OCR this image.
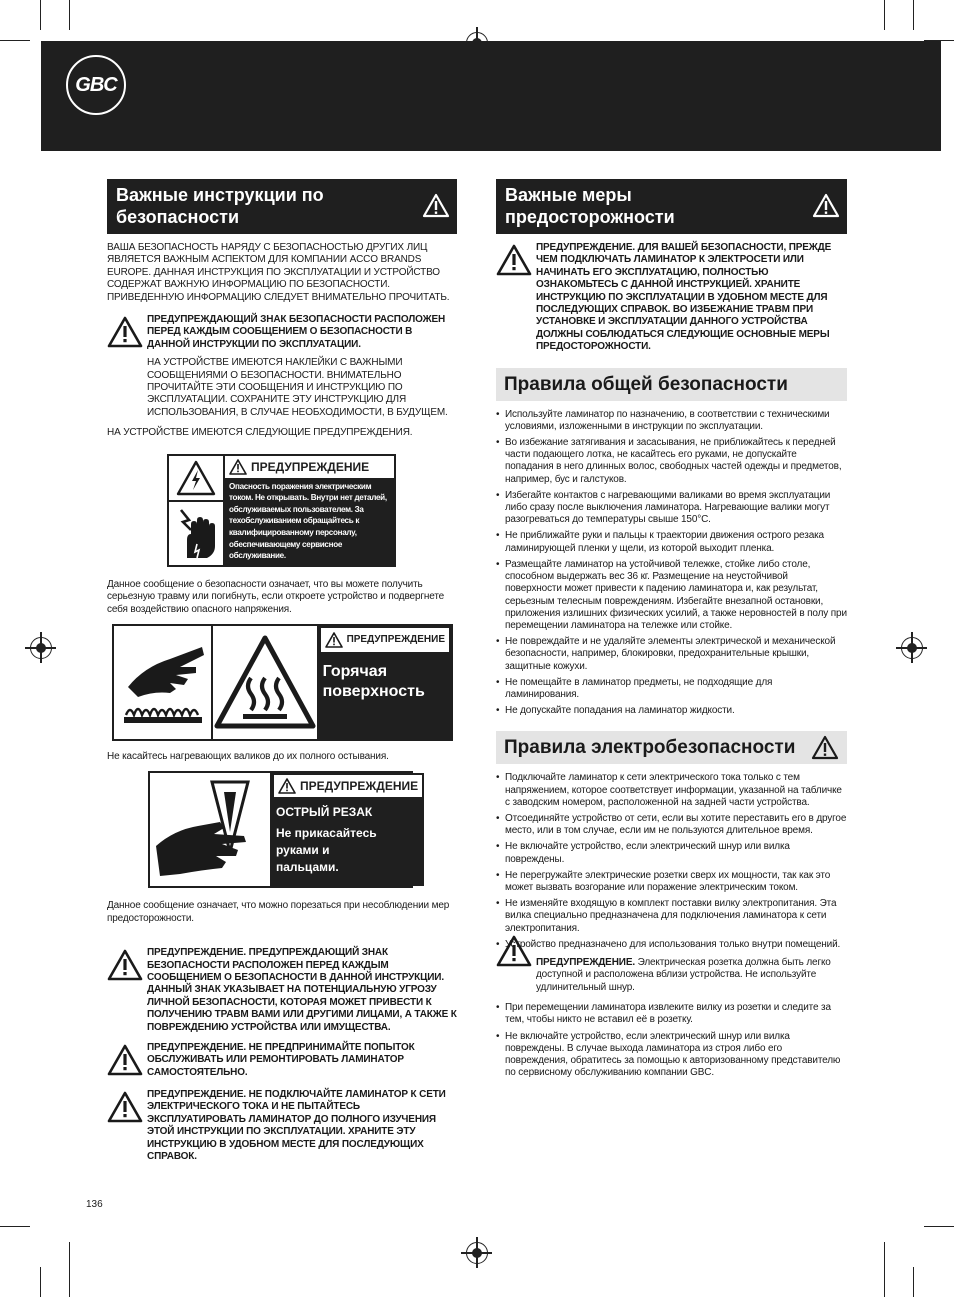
GBC
Важные инструкции по безопасности

ВАША БЕЗОПАСНОСТЬ НАРЯДУ С БЕЗОПАСНОСТЬЮ ДРУГИХ ЛИЦ ЯВЛЯЕТСЯ ВАЖНЫМ АСПЕКТОМ ДЛЯ КОМПАНИИ ACCO BRANDS EUROPE. ДАННАЯ ИНСТРУКЦИЯ ПО ЭКСПЛУАТАЦИИ И УСТРОЙСТВО СОДЕРЖАТ ВАЖНУЮ ИНФОРМАЦИЮ ПО БЕЗОПАСНОСТИ. ПРИВЕДЕННУЮ ИНФОРМАЦИЮ СЛЕДУЕТ ВНИМАТЕЛЬНО ПРОЧИТАТЬ.

ПРЕДУПРЕЖДАЮЩИЙ ЗНАК БЕЗОПАСНОСТИ РАСПОЛОЖЕН ПЕРЕД КАЖДЫМ СООБЩЕНИЕМ О БЕЗОПАСНОСТИ В ДАННОЙ ИНСТРУКЦИИ ПО ЭКСПЛУАТАЦИИ.

НА УСТРОЙСТВЕ ИМЕЮТСЯ НАКЛЕЙКИ С ВАЖНЫМИ СООБЩЕНИЯМИ О БЕЗОПАСНОСТИ. ВНИМАТЕЛЬНО ПРОЧИТАЙТЕ ЭТИ СООБЩЕНИЯ И ИНСТРУКЦИЮ ПО ЭКСПЛУАТАЦИИ. СОХРАНИТЕ ЭТУ ИНСТРУКЦИЮ ДЛЯ ИСПОЛЬЗОВАНИЯ, В СЛУЧАЕ НЕОБХОДИМОСТИ, В БУДУЩЕМ.

НА УСТРОЙСТВЕ ИМЕЮТСЯ СЛЕДУЮЩИЕ ПРЕДУПРЕЖДЕНИЯ.

ПРЕДУПРЕЖДЕНИЕ

Опасность поражения электрическим током. Не открывать. Внутри нет деталей, обслуживаемых пользователем. За техобслуживанием обращайтесь к квалифицированному персоналу, обеспечивающему сервисное обслуживание.

Данное сообщение о безопасности означает, что вы можете получить серьезную травму или погибнуть, если откроете устройство и подвергнете себя воздействию опасного напряжения.

ПРЕДУПРЕЖДЕНИЕ

Горячая поверхность

Не касайтесь нагревающих валиков до их полного остывания.

ПРЕДУПРЕЖДЕНИЕ

ОСТРЫЙ РЕЗАК

Не прикасайтесь руками и пальцами.

Данное сообщение означает, что можно порезаться при несоблюдении мер предосторожности.

ПРЕДУПРЕЖДЕНИЕ. ПРЕДУПРЕЖДАЮЩИЙ ЗНАК БЕЗОПАСНОСТИ РАСПОЛОЖЕН ПЕРЕД КАЖДЫМ СООБЩЕНИЕМ О БЕЗОПАСНОСТИ В ДАННОЙ ИНСТРУКЦИИ. ДАННЫЙ ЗНАК УКАЗЫВАЕТ НА ПОТЕНЦИАЛЬНУЮ УГРОЗУ ЛИЧНОЙ БЕЗОПАСНОСТИ, КОТОРАЯ МОЖЕТ ПРИВЕСТИ К ПОЛУЧЕНИЮ ТРАВМ ВАМИ ИЛИ ДРУГИМИ ЛИЦАМИ, А ТАКЖЕ К ПОВРЕЖДЕНИЮ УСТРОЙСТВА ИЛИ ИМУЩЕСТВА.

ПРЕДУПРЕЖДЕНИЕ. НЕ ПРЕДПРИНИМАЙТЕ ПОПЫТОК ОБСЛУЖИВАТЬ ИЛИ РЕМОНТИРОВАТЬ ЛАМИНАТОР САМОСТОЯТЕЛЬНО.

ПРЕДУПРЕЖДЕНИЕ. НЕ ПОДКЛЮЧАЙТЕ ЛАМИНАТОР К СЕТИ ЭЛЕКТРИЧЕСКОГО ТОКА И НЕ ПЫТАЙТЕСЬ ЭКСПЛУАТИРОВАТЬ ЛАМИНАТОР ДО ПОЛНОГО ИЗУЧЕНИЯ ЭТОЙ ИНСТРУКЦИИ ПО ЭКСПЛУАТАЦИИ. ХРАНИТЕ ЭТУ ИНСТРУКЦИЮ В УДОБНОМ МЕСТЕ ДЛЯ ПОСЛЕДУЮЩИХ СПРАВОК.

Важные меры предосторожности

ПРЕДУПРЕЖДЕНИЕ. ДЛЯ ВАШЕЙ БЕЗОПАСНОСТИ, ПРЕЖДЕ ЧЕМ ПОДКЛЮЧАТЬ ЛАМИНАТОР К ЭЛЕКТРОСЕТИ ИЛИ НАЧИНАТЬ ЕГО ЭКСПЛУАТАЦИЮ, ПОЛНОСТЬЮ ОЗНАКОМЬТЕСЬ С ДАННОЙ ИНСТРУКЦИЕЙ. ХРАНИТЕ ИНСТРУКЦИЮ ПО ЭКСПЛУАТАЦИИ В УДОБНОМ МЕСТЕ ДЛЯ ПОСЛЕДУЮЩИХ СПРАВОК. ВО ИЗБЕЖАНИЕ ТРАВМ ПРИ УСТАНОВКЕ И ЭКСПЛУАТАЦИИ ДАННОГО УСТРОЙСТВА ДОЛЖНЫ СОБЛЮДАТЬСЯ СЛЕДУЮЩИЕ ОСНОВНЫЕ МЕРЫ ПРЕДОСТОРОЖНОСТИ.

Правила общей безопасности
• Используйте ламинатор по назначению, в соответствии с техническими условиями, изложенными в инструкции по эксплуатации.
• Во избежание затягивания и засасывания, не приближайтесь к передней части подающего лотка, не касайтесь его руками, не допускайте попадания в него длинных волос, свободных частей одежды и предметов, например, бус и галстуков.
• Избегайте контактов с нагревающими валиками во время эксплуатации либо сразу после выключения ламинатора. Нагревающие валики могут разогреваться до температуры свыше 150°С.
• Не приближайте руки и пальцы к траектории движения острого резака ламинирующей пленки у щели, из которой выходит пленка.
• Размещайте ламинатор на устойчивой тележке, стойке либо столе, способном выдержать вес 36 кг. Размещение на неустойчивой поверхности может привести к падению ламинатора и, как результат, серьезным телесным повреждениям. Избегайте внезапной остановки, приложения излишних физических усилий, а также неровностей в полу при перемещении ламинатора на тележке или стойке.
• Не повреждайте и не удаляйте элементы электрической и механической безопасности, например, блокировки, предохранительные крышки, защитные кожухи.
• Не помещайте в ламинатор предметы, не подходящие для ламинирования.
• Не допускайте попадания на ламинатор жидкости.
Правила электробезопасности
• Подключайте ламинатор к сети электрического тока только с тем напряжением, которое соответствует информации, указанной на табличке с заводским номером, расположенной на задней части устройства.
• Отсоединяйте устройство от сети, если вы хотите переставить его в другое место, или в том случае, если им не пользуются длительное время.
• Не включайте устройство, если электрический шнур или вилка повреждены.
• Не перегружайте электрические розетки сверх их мощности, так как это может вызвать возгорание или поражение электрическим током.
• Не изменяйте входящую в комплект поставки вилку электропитания. Эта вилка специально предназначена для подключения ламинатора к сети электропитания.
• Устройство предназначено для использования только внутри помещений.

ПРЕДУПРЕЖДЕНИЕ. Электрическая розетка должна быть легко доступной и расположена вблизи устройства. Не используйте удлинительный шнур.

• При перемещении ламинатора извлеките вилку из розетки и следите за тем, чтобы никто не вставил её в розетку.
• Не включайте устройство, если электрический шнур или вилка повреждены. В случае выхода ламинатора из строя либо его повреждения, обратитесь за помощью к авторизованному представителю по сервисному обслуживанию компании GBC.
136
